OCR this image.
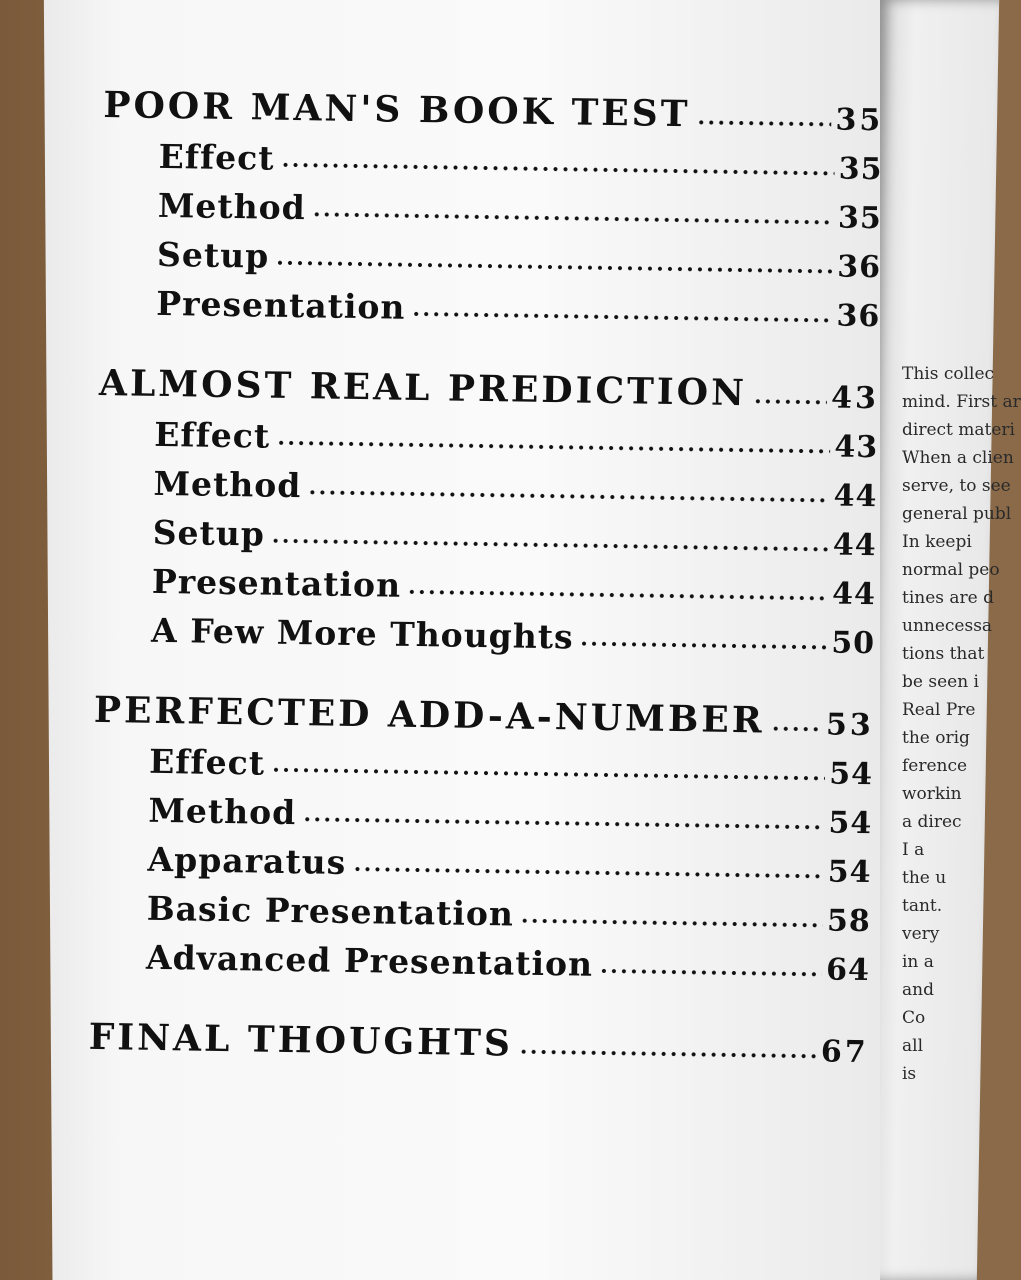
This collec
mind. First ar
direct materi
When a clien
serve, to see
general publ
In keepi
normal peo
tines are d
unnecessa
tions that
be seen i
Real Pre
the orig
ference
workin
a direc
I a
the u
tant.
very
in a
and
Co
all
is
POOR MAN'S BOOK TEST	35
Effect	35
Method	35
Setup	36
Presentation	36
ALMOST REAL PREDICTION	43
Effect	43
Method	44
Setup	44
Presentation	44
A Few More Thoughts	50
PERFECTED ADD-A-NUMBER 53
Effect	54
Method	54
Apparatus	54
Basic Presentation	58
Advanced Presentation	64
FINAL THOUGHTS	67
